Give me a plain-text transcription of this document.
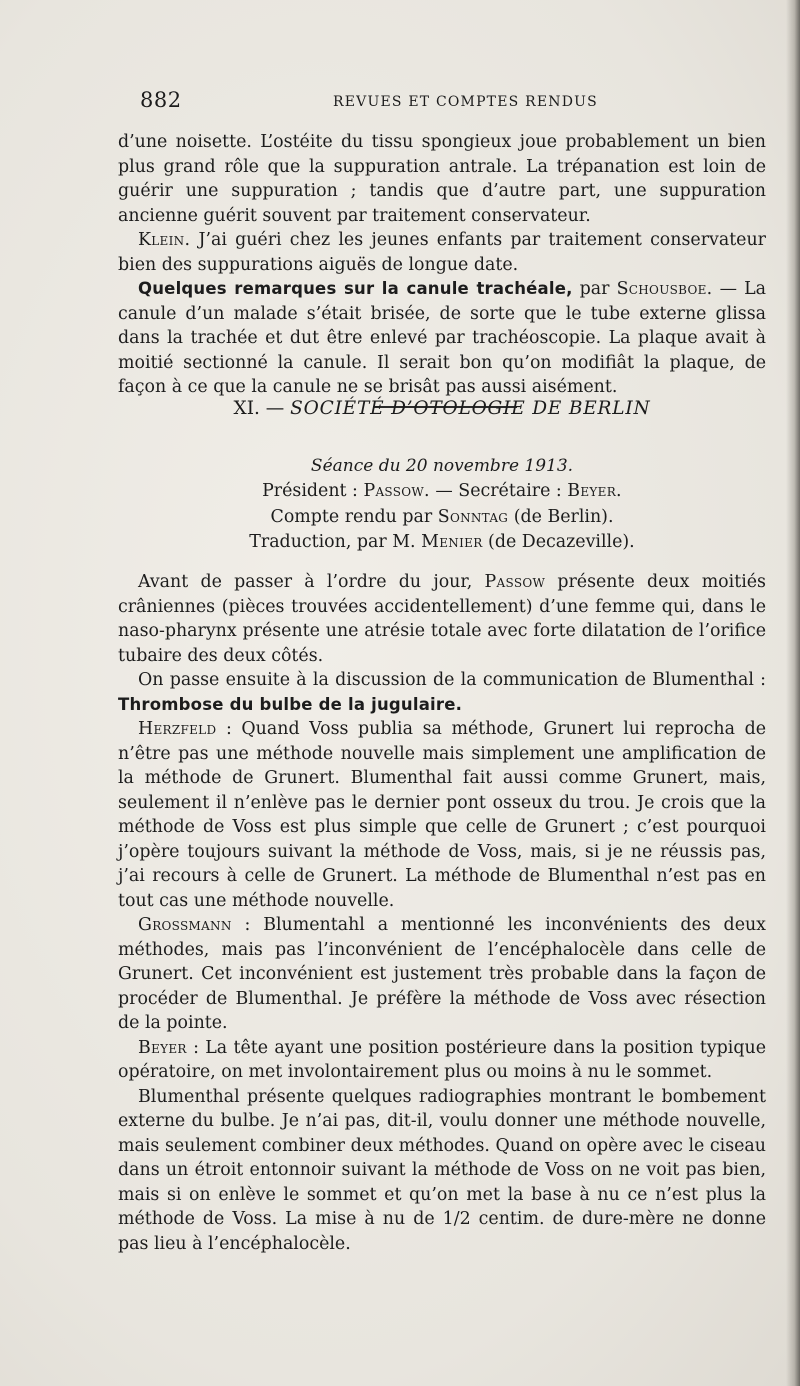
882	REVUES ET COMPTES RENDUS

d’une noisette. L’ostéite du tissu spongieux joue probablement un bien plus grand rôle que la suppuration antrale. La trépanation est loin de guérir une suppuration ; tandis que d’autre part, une suppuration ancienne guérit souvent par traitement conservateur.

Klein. J’ai guéri chez les jeunes enfants par traitement conservateur bien des suppurations aiguës de longue date.

Quelques remarques sur la canule trachéale, par Schousboe. — La canule d’un malade s’était brisée, de sorte que le tube externe glissa dans la trachée et dut être enlevé par trachéoscopie. La plaque avait à moitié sectionné la canule. Il serait bon qu’on modifiât la plaque, de façon à ce que la canule ne se brisât pas aussi aisément.

XI. — SOCIÉTÉ D’OTOLOGIE DE BERLIN
Séance du 20 novembre 1913.
Président : Passow. — Secrétaire : Beyer.
Compte rendu par Sonntag (de Berlin).
Traduction, par M. Menier (de Decazeville).

Avant de passer à l’ordre du jour, Passow présente deux moitiés crâniennes (pièces trouvées accidentellement) d’une femme qui, dans le naso-pharynx présente une atrésie totale avec forte dilatation de l’orifice tubaire des deux côtés.

On passe ensuite à la discussion de la communication de Blumenthal : Thrombose du bulbe de la jugulaire.

Herzfeld : Quand Voss publia sa méthode, Grunert lui reprocha de n’être pas une méthode nouvelle mais simplement une amplification de la méthode de Grunert. Blumenthal fait aussi comme Grunert, mais, seulement il n’enlève pas le dernier pont osseux du trou. Je crois que la méthode de Voss est plus simple que celle de Grunert ; c’est pourquoi j’opère toujours suivant la méthode de Voss, mais, si je ne réussis pas, j’ai recours à celle de Grunert. La méthode de Blumenthal n’est pas en tout cas une méthode nouvelle.

Grossmann : Blumentahl a mentionné les inconvénients des deux méthodes, mais pas l’inconvénient de l’encéphalocèle dans celle de Grunert. Cet inconvénient est justement très probable dans la façon de procéder de Blumenthal. Je préfère la méthode de Voss avec résection de la pointe.

Beyer : La tête ayant une position postérieure dans la position typique opératoire, on met involontairement plus ou moins à nu le sommet.

Blumenthal présente quelques radiographies montrant le bombement externe du bulbe. Je n’ai pas, dit-il, voulu donner une méthode nouvelle, mais seulement combiner deux méthodes. Quand on opère avec le ciseau dans un étroit entonnoir suivant la méthode de Voss on ne voit pas bien, mais si on enlève le sommet et qu’on met la base à nu ce n’est plus la méthode de Voss. La mise à nu de 1/2 centim. de dure-mère ne donne pas lieu à l’encéphalocèle.
